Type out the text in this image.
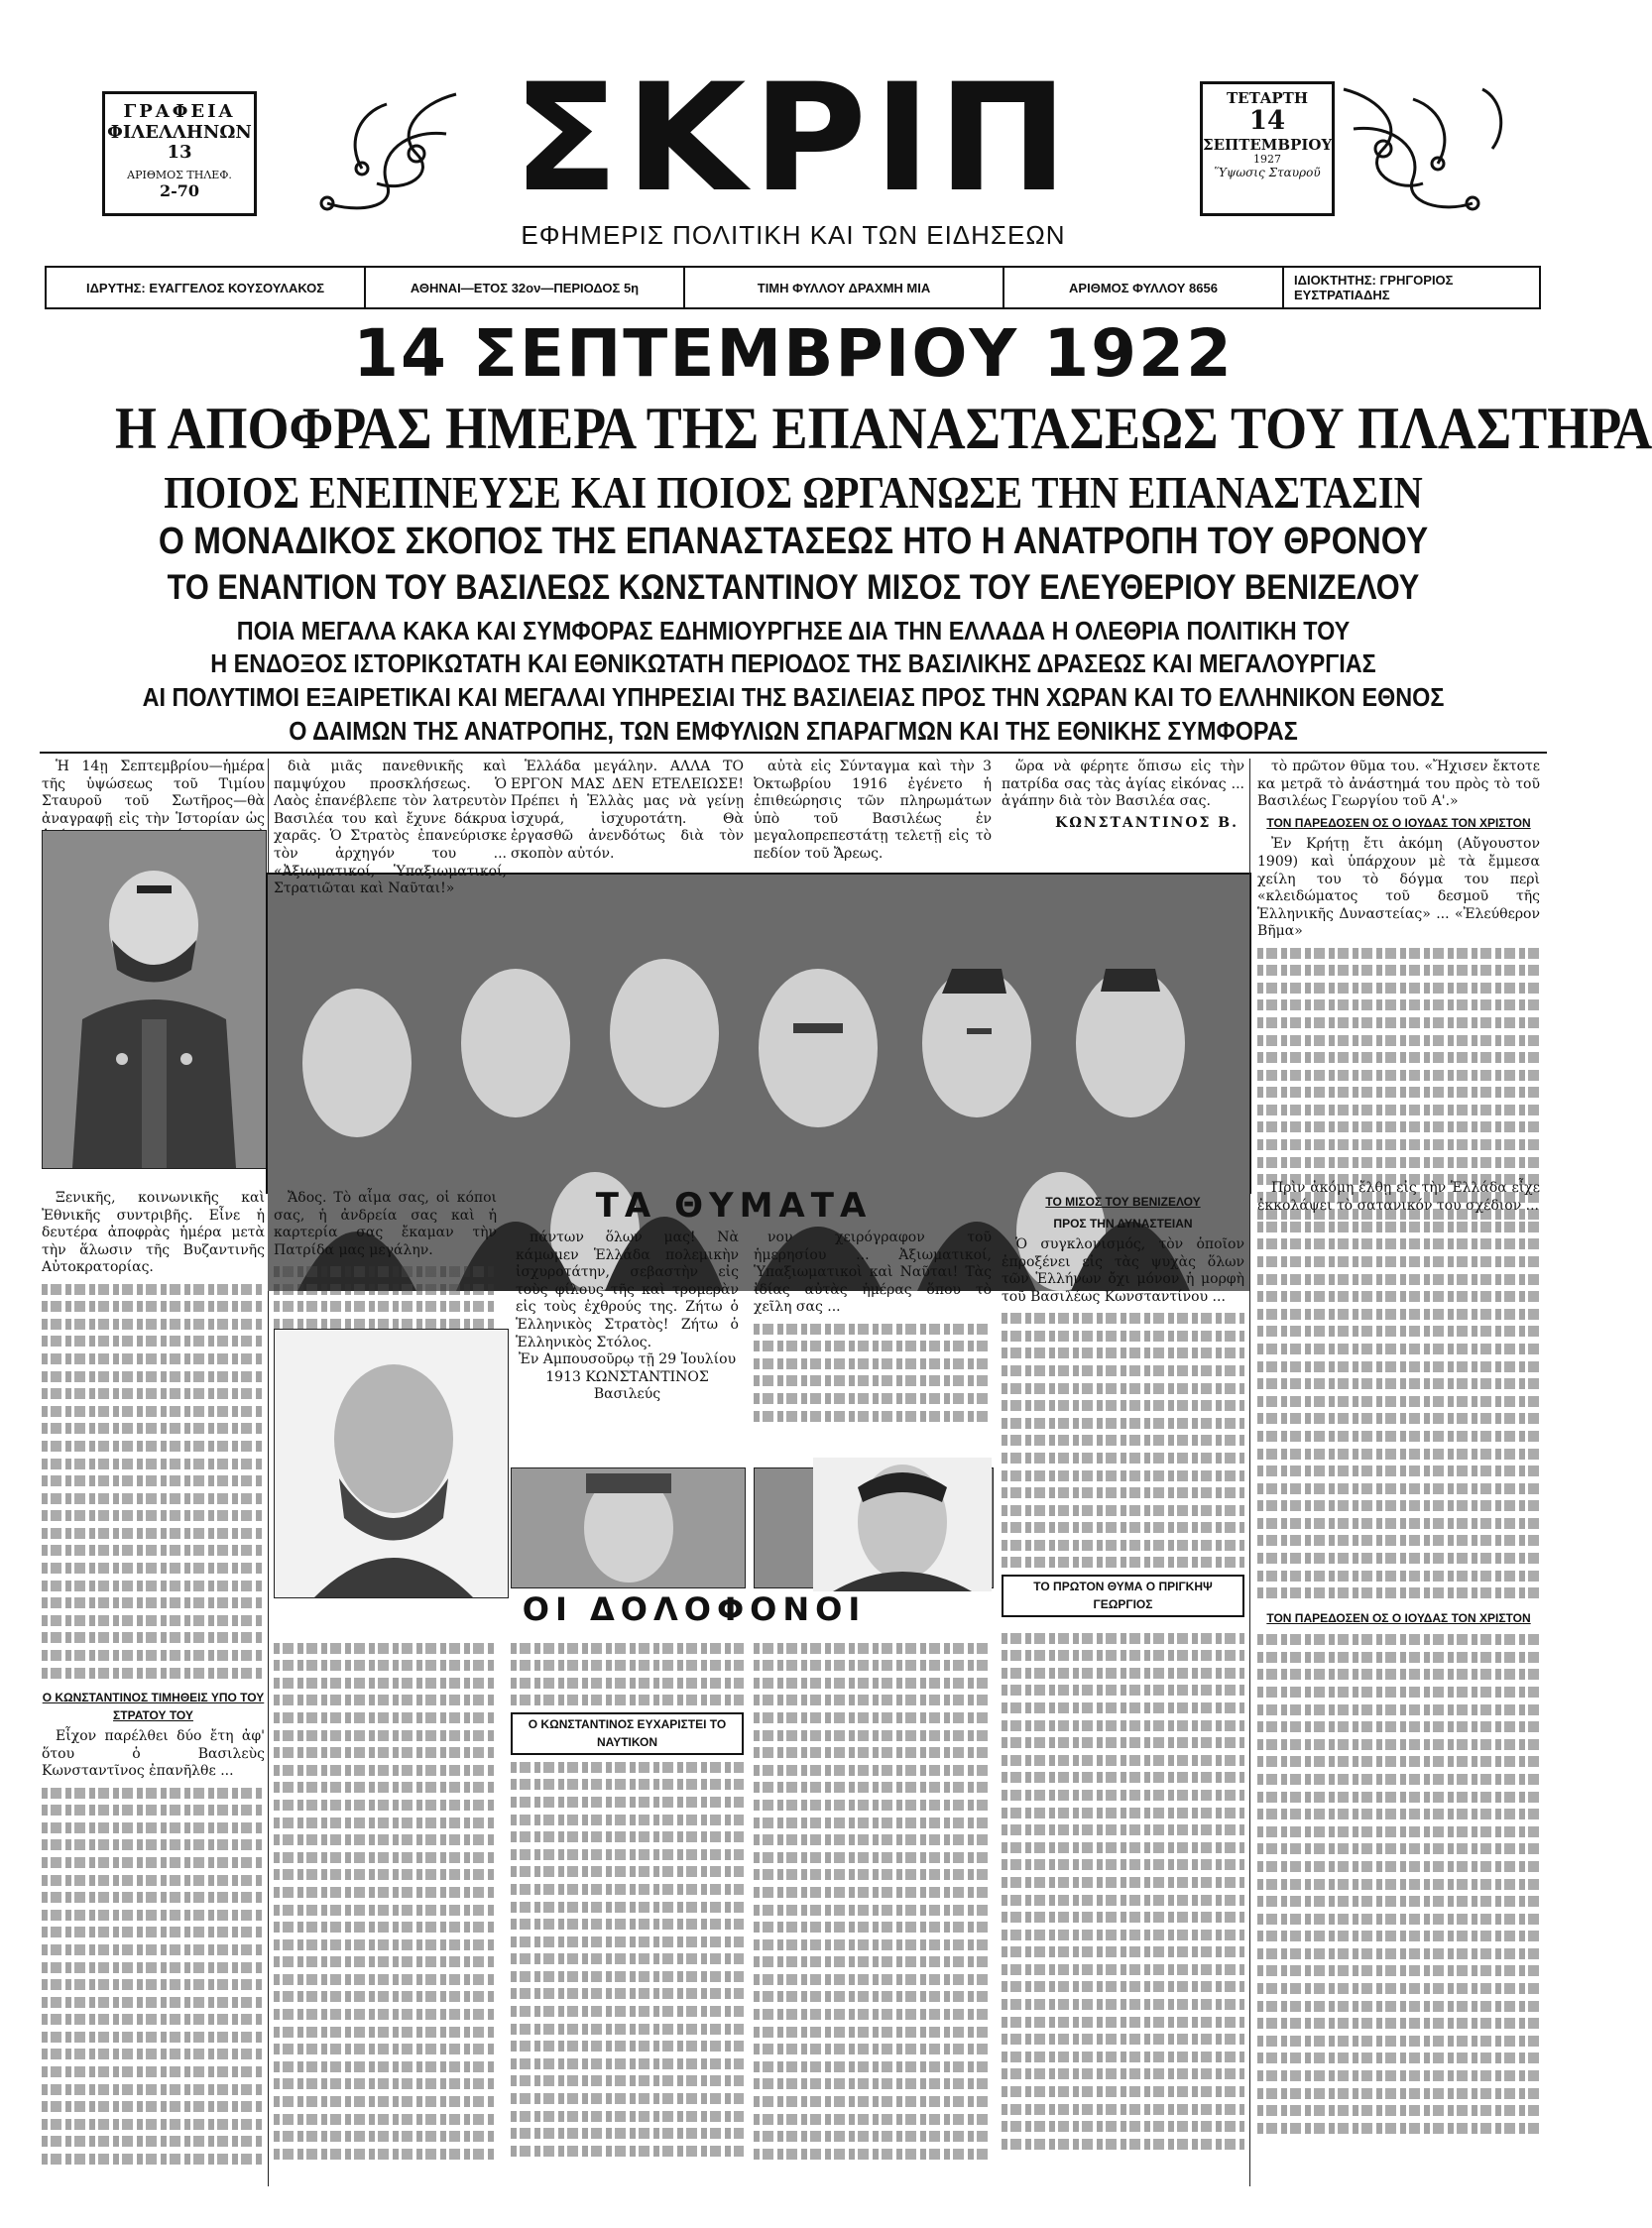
ΓΡΑΦΕΙΑ
ΦΙΛΕΛΛΗΝΩΝ 13
ΑΡΙΘΜΟΣ ΤΗΛΕΦ.
2-70	ΣΚΡΙΠ	ΤΕΤΑΡΤΗ
14
ΣΕΠΤΕΜΒΡΙΟΥ
1927
Ὕψωσις Σταυροῦ
ΕΦΗΜΕΡΙΣ ΠΟΛΙΤΙΚΗ ΚΑΙ ΤΩΝ ΕΙΔΗΣΕΩΝ
ΙΔΡΥΤΗΣ: ΕΥΑΓΓΕΛΟΣ ΚΟΥΣΟΥΛΑΚΟΣ	ΑΘΗΝΑΙ—ΕΤΟΣ 32ον—ΠΕΡΙΟΔΟΣ 5η	ΤΙΜΗ ΦΥΛΛΟΥ ΔΡΑΧΜΗ ΜΙΑ	ΑΡΙΘΜΟΣ ΦΥΛΛΟΥ 8656	ΙΔΙΟΚΤΗΤΗΣ: ΓΡΗΓΟΡΙΟΣ ΕΥΣΤΡΑΤΙΑΔΗΣ
14 ΣΕΠΤΕΜΒΡΙΟΥ 1922
Η ΑΠΟΦΡΑΣ ΗΜΕΡΑ ΤΗΣ ΕΠΑΝΑΣΤΑΣΕΩΣ ΤΟΥ ΠΛΑΣΤΗΡΑ
ΠΟΙΟΣ ΕΝΕΠΝΕΥΣΕ ΚΑΙ ΠΟΙΟΣ ΩΡΓΑΝΩΣΕ ΤΗΝ ΕΠΑΝΑΣΤΑΣΙΝ
Ο ΜΟΝΑΔΙΚΟΣ ΣΚΟΠΟΣ ΤΗΣ ΕΠΑΝΑΣΤΑΣΕΩΣ ΗΤΟ Η ΑΝΑΤΡΟΠΗ ΤΟΥ ΘΡΟΝΟΥ
ΤΟ ΕΝΑΝΤΙΟΝ ΤΟΥ ΒΑΣΙΛΕΩΣ ΚΩΝΣΤΑΝΤΙΝΟΥ ΜΙΣΟΣ ΤΟΥ ΕΛΕΥΘΕΡΙΟΥ ΒΕΝΙΖΕΛΟΥ
ΠΟΙΑ ΜΕΓΑΛΑ ΚΑΚΑ ΚΑΙ ΣΥΜΦΟΡΑΣ ΕΔΗΜΙΟΥΡΓΗΣΕ ΔΙΑ ΤΗΝ ΕΛΛΑΔΑ Η ΟΛΕΘΡΙΑ ΠΟΛΙΤΙΚΗ ΤΟΥ
Η ΕΝΔΟΞΟΣ ΙΣΤΟΡΙΚΩΤΑΤΗ ΚΑΙ ΕΘΝΙΚΩΤΑΤΗ ΠΕΡΙΟΔΟΣ ΤΗΣ ΒΑΣΙΛΙΚΗΣ ΔΡΑΣΕΩΣ ΚΑΙ ΜΕΓΑΛΟΥΡΓΙΑΣ
ΑΙ ΠΟΛΥΤΙΜΟΙ ΕΞΑΙΡΕΤΙΚΑΙ ΚΑΙ ΜΕΓΑΛΑΙ ΥΠΗΡΕΣΙΑΙ ΤΗΣ ΒΑΣΙΛΕΙΑΣ ΠΡΟΣ ΤΗΝ ΧΩΡΑΝ ΚΑΙ ΤΟ ΕΛΛΗΝΙΚΟΝ ΕΘΝΟΣ
Ο ΔΑΙΜΩΝ ΤΗΣ ΑΝΑΤΡΟΠΗΣ, ΤΩΝ ΕΜΦΥΛΙΩΝ ΣΠΑΡΑΓΜΩΝ ΚΑΙ ΤΗΣ ΕΘΝΙΚΗΣ ΣΥΜΦΟΡΑΣ

Ἡ 14ῃ Σεπτεμβρίου—ἡμέρα τῆς ὑψώσεως τοῦ Τιμίου Σταυροῦ τοῦ Σωτῆρος—θὰ ἀναγραφῇ εἰς τὴν Ἱστορίαν ὡς

τὸ πρῶτον θῦμα του. «Ἤχισεν ἔκτοτε κα μετρᾶ τὸ ἀνάστημά του πρὸς τὸ τοῦ Βασιλέως Γεωργίου τοῦ Α'.»

ΤΟΝ ΠΑΡΕΔΟΣΕΝ ΟΣ Ο ΙΟΥΔΑΣ ΤΟΝ ΧΡΙΣΤΟΝ

Ἐν Κρήτῃ ἔτι ἀκόμη (Αὔγουστον 1909) καὶ ὑπάρχουν μὲ τὰ ἔμμεσα χείλη του τὸ δόγμα του περὶ «κλειδώματος τοῦ δεσμοῦ τῆς Ἑλληνικῆς Δυναστείας» ... «Ἐλεύθερον Βῆμα»

ΤΑ ΘΥΜΑΤΑ

Ξενικῆς, κοινωνικῆς καὶ Ἐθνικῆς συντριβῆς. Εἶνε ἡ δευτέρα ἀποφρὰς ἡμέρα μετὰ τὴν ἅλωσιν τῆς Βυζαντινῆς Αὐτοκρατορίας.

Ἄδος. Τὸ αἷμα σας, οἱ κόποι σας, ἡ ἀνδρεία σας καὶ ἡ καρτερία σας ἔκαμαν τὴν Πατρίδα μας μεγάλην.

πάντων ὅλων μας! Νὰ κάμωμεν Ἑλλάδα πολεμικὴν ἰσχυροτάτην, σεβαστὴν εἰς τοὺς φίλους τῆς καὶ τρομερὰν εἰς τοὺς ἐχθρούς της. Ζήτω ὁ Ἑλληνικὸς Στρατὸς! Ζήτω ὁ Ἑλληνικὸς Στόλος.

Ἐν Αμπουσοῦρῳ τῇ 29 Ἰουλίου 1913 ΚΩΝΣΤΑΝΤΙΝΟΣ Βασιλεύς

νον χειρόγραφον τοῦ ἡμερησίου ... Ἀξιωματικοί, Ὑπαξιωματικοὶ καὶ Ναῦται! Τὰς ἰδίας αὐτὰς ἡμέρας ὅπου τὸ χεῖλη σας ...

ΤΟ ΜΙΣΟΣ ΤΟΥ ΒΕΝΙΖΕΛΟΥ
ΠΡΟΣ ΤΗΝ ΔΥΝΑΣΤΕΙΑΝ

Ὁ συγκλονισμός, τὸν ὁποῖον ἐπροξένει εἰς τὰς ψυχὰς ὅλων τῶν Ἑλλήνων ὄχι μόνον ἡ μορφὴ τοῦ Βασιλέως Κωνσταντίνου ...

ΤΟ ΠΡΩΤΟΝ ΘΥΜΑ Ο ΠΡΙΓΚΗΨ ΓΕΩΡΓΙΟΣ

Πρὶν ἀκόμη ἔλθῃ εἰς τὴν Ἑλλάδα εἶχε ἐκκολάψει τὸ σατανικόν του σχέδιον ...

ΟΙ ΔΟΛΟΦΟΝΟΙ
Ο ΚΩΝΣΤΑΝΤΙΝΟΣ ΤΙΜΗΘΕΙΣ ΥΠΟ ΤΟΥ ΣΤΡΑΤΟΥ ΤΟΥ

Εἶχον παρέλθει δύο ἔτη ἀφ' ὅτου ὁ Βασιλεὺς Κωνσταντῖνος ἐπανῆλθε ...

Ο ΚΩΝΣΤΑΝΤΙΝΟΣ ΕΥΧΑΡΙΣΤΕΙ ΤΟ ΝΑΥΤΙΚΟΝ
ΤΟΝ ΠΑΡΕΔΟΣΕΝ ΟΣ Ο ΙΟΥΔΑΣ ΤΟΝ ΧΡΙΣΤΟΝ

διὰ μιᾶς πανεθνικῆς καὶ παμψύχου προσκλήσεως. Ὁ Λαὸς ἐπανέβλεπε τὸν λατρευτὸν Βασιλέα του καὶ ἔχυνε δάκρυα χαρᾶς. Ὁ Στρατὸς ἐπανεύρισκε τὸν ἀρχηγόν του ... «Ἀξιωματικοί, Ὑπαξιωματικοί, Στρατιῶται καὶ Ναῦται!»

Ἑλλάδα μεγάλην. ΑΛΛΑ ΤΟ ΕΡΓΟΝ ΜΑΣ ΔΕΝ ΕΤΕΛΕΙΩΣΕ! Πρέπει ἡ Ἑλλὰς μας νὰ γείνῃ ἰσχυρά, ἰσχυροτάτη. Θὰ ἐργασθῶ ἀνενδότως διὰ τὸν σκοπὸν αὐτόν.

αὐτὰ εἰς Σύνταγμα καὶ τὴν 3 Ὀκτωβρίου 1916 ἐγένετο ἡ ἐπιθεώρησις τῶν πληρωμάτων ὑπὸ τοῦ Βασιλέως ἐν μεγαλοπρεπεστάτῃ τελετῇ εἰς τὸ πεδίον τοῦ Ἄρεως.

ὥρα νὰ φέρητε ὅπισω εἰς τὴν πατρίδα σας τὰς ἁγίας εἰκόνας ... ἀγάπην διὰ τὸν Βασιλέα σας.

ΚΩΝΣΤΑΝΤΙΝΟΣ Β.
